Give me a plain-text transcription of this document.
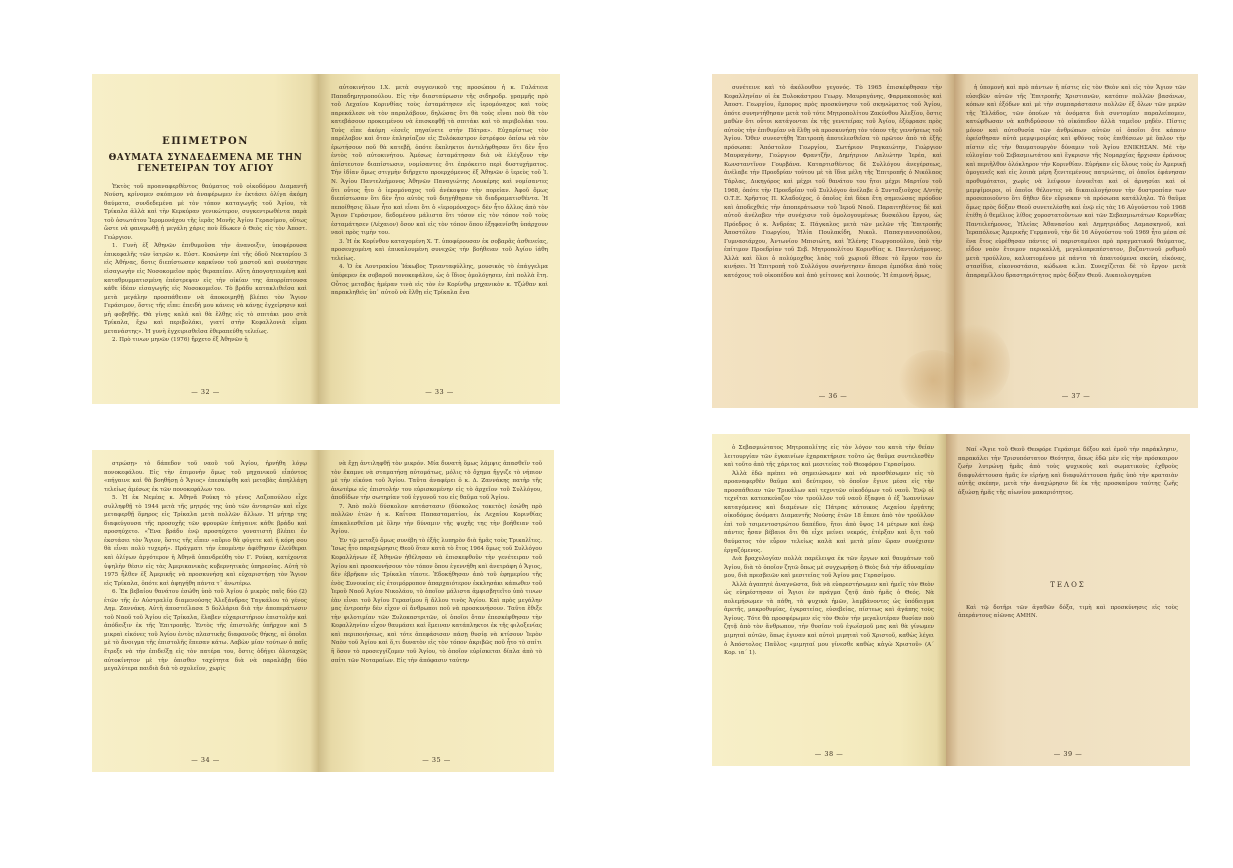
ΕΠΙΜΕΤΡΟΝ
ΘΑΥΜΑΤΑ ΣΥΝΔΕΔΕΜΕΝΑ ΜΕ ΤΗΝ ΓΕΝΕΤΕΙΡΑΝ ΤΟΥ ΑΓΙΟΥ

Ἐκτὸς τοῦ προαναφερθέντος θαύματος τοῦ οἰκοδόμου Διαμαντῆ Νούση, κρίνομεν σκόπιμον νὰ ἀναφέρωμεν ἐν ἐκτάσει ὀλίγα ἀκόμη θαύματα, συνδεδεμένα μὲ τὸν τόπον καταγωγῆς τοῦ Ἁγίου, τὰ Τρίκαλα ἀλλὰ καὶ τὴν Κερκύραν γενικώτερον, συγκεντρωθέντα παρὰ τοῦ ὁσιωτάτου Ἱερομονάχου τῆς ἱερᾶς Μονῆς Ἀγίου Γερασίμου, οὕτως ὥστε νὰ φανερωθῇ ἡ μεγάλη χάρις ποὺ ἔδωκεν ὁ Θεὸς εἰς τὸν Ἀποστ. Γεώργιον.

1. Γυνὴ ἐξ Ἀθηνῶν ἐπιθυμοῦσα τὴν ἀνανοιξιν, ὑποφέρουσα ἐπικεφαλῆς τῶν ἰατρῶν κ. Εὐστ. Κοσώνην ἐπὶ τῆς ὁδοῦ Νεκταρίου 3 εἰς Ἀθήνας, δοτις διεπίστωσεν καρκίνον τοῦ μαστοῦ καὶ συνέστησε εἰσαγωγὴν εἰς Νοσοκομεῖον πρὸς θεραπείαν. Αὕτη ἀπογοητευμένη καὶ καταθρυμματισμένη ἐπέστρεψεν εἰς τὴν οἰκίαν της ἀπορρίπτουσα κάθε ἰδέαν εἰσαγωγῆς εἰς Νοσοκομεῖον. Τὸ βράδυ κατακλιθεῖσα καὶ μετὰ μεγάλην προσπάθειαν νὰ ἀποκοιμηθῇ βλέπει τὸν Ἅγιον Γεράσιμον, ὅστις τῆς εἶπε: ἐπειδὴ μου κάνεις νὰ κάνῃς ἐγχείρησιν καὶ μὴ φοβηθῇς. Θὰ γίνῃς καλά καὶ θὰ ἔλθῃς εἰς τὸ σπιτάκι μου στὰ Τρίκαλα, ἔχω καὶ περιβολάκι, γιατί στὴν Κεφαλλονιὰ εἶμαι μετανάστης». Ἡ γυνὴ ἐγχειρισθεῖσα ἐθεραπεύθη τελείως.

2. Πρὸ τινων μηνῶν (1976) ἤρχετο ἐξ Ἀθηνῶν ἡ

— 32 —

αὐτοκινήτου I.X. μετὰ συγγενικοῦ της προσώπου ἡ κ. Γαλάτεια Παπαδημητροπούλου. Εἰς τὴν διασταύρωσιν τῆς σιδηροδρ. γραμμῆς πρὸ τοῦ Λεχαίου Κορινθίας τοὺς ἐσταμάτησεν εἷς ἱερομόναχος καὶ τοὺς παρεκάλεσε νὰ τὸν παραλάβουν, δηλώσας ὅτι θὰ τοὺς εἶναι ποὺ θὰ τὸν κατεβάσουν προκειμένου νὰ ἐπισκεφθῇ τὰ σπιτάκι καὶ τὸ περιβολάκι του. Τοὺς εἶπε ἀκόμη «ἐσεῖς πηγαίνετε στὴν Πάτρα». Εὐχαρίστως τὸν παρέλαβον καὶ ὅταν ἐπλησίαζον εἰς Ξυλόκαστρον ἐστρέφον ὀπίσω νὰ τὸν ἐρωτήσουν ποῦ θὰ κατεβῇ, ὁπότε ἔκπληκτοι ἀντελήφθησαν ὅτι δὲν ἦτο ἐντὸς τοῦ αὐτοκινήτου. Ἀμέσως ἐσταμάτησαν διὰ νὰ ἐλέγξουν τὴν ἀπίστευτον διαπίστωσιν, νομίσαντες ὅτι ἐπρόκειτο περὶ δυστυχήματος. Τὴν ἰδίαν ὅμως στιγμὴν διῆρχετο προερχόμενος ἐξ Ἀθηνῶν ὁ ἱερεὺς τοῦ Ἱ. Ν. Ἁγίου Παντελεήμονος Ἀθηνῶν Παναγιώτης Λουκέρης καὶ νομίσαντες ὅτι οὗτος ἦτο ὁ ἱερομόναχος τοῦ ἀνέκοψαν τὴν πορείαν. Ἀφοῦ ὅμως διεπίστωσαν ὅτι δὲν ἦτο αὐτὸς τοῦ διηγήθησαν τὰ διαδραματισθέντα. Ἡ πεποίθησις ὅλων ἦτο καὶ εἶναι ὅτι ὁ «ἱερομόναχος» δὲν ἦτο ἄλλος ἀπὸ τὸν Ἅγιον Γεράσιμον, δεδομένου μάλιστα ὅτι τόσον εἰς τὸν τόπον τοῦ τοὺς ἐσταμάτησεν (Λέχαιον) ὅσον καὶ εἰς τὸν τόπον ὅπου ἐξηφανίσθη ὑπάρχουν ναοὶ πρὸς τιμὴν του.

3. Ἡ ἐκ Κορίνθου καταγομένη Χ. Τ. ὑποφέρουσαν ἐκ σοβαρᾶς ἀσθενείας, προσευχομένη καὶ ἐπικαλουμένη συνεχῶς τὴν βοήθειαν τοῦ Ἁγίου ἰάθη τελείως.

4. Ὁ ἐκ Λουτρακίου Ἰάκωβος Τριανταφύλλης, μουσικὸς τὸ ἐπάγγελμα ὑπέφερεν ἐκ σοβαροῦ πονοκεφάλου, ὡς ὁ ἴδιος ὁμολόγησεν, ἐπὶ πολλὰ ἔτη. Οὗτος μεταβὰς ἡμέραν τινὰ εἰς τὸν ἐν Κορίνθῳ μηχανικὸν κ. Τζώθαν καὶ παρακληθεὶς ὑπ᾽ αὐτοῦ νὰ ἔλθῃ εἰς Τρίκαλα ἔνα

— 33 —

συνέτεινε καὶ τὸ ἀκόλουθον γεγονός. Τὸ 1965 ἐπισκέφθησαν τὴν Κεφαλληνίαν οἱ ἐκ Ξυλοκάστρου Γεωργ. Μαυραγάνης, Φαρμακοποιὸς καὶ Ἀποστ. Γεωργίου, ἔμπορος πρὸς προσκύνησιν τοῦ σκηνώματος τοῦ Ἁγίου, ὁπότε συνηντήθησαν μετὰ τοῦ τότε Μητροπολίτου Ζακύνθου Ἀλεξίου, ὅστις μαθὼν ὅτι οὗτοι κατάγονται ἐκ τῆς γενετείρας τοῦ Ἁγίου, ἐξέφρασε πρὸς αὐτοὺς τὴν ἐπιθυμίαν νὰ ἔλθῃ νὰ προσκυνήσῃ τὸν τόπον τῆς γεννήσεως τοῦ Ἁγίου. Ὅθεν συνεστήθη Ἐπιτροπὴ ἀποτελεσθεῖσα τὸ πρῶτον ἀπὸ τὰ ἑξῆς πρόσωπα: Ἀπόστολον Γεωργίου, Σωτήριον Ραγκαιώτην, Γεώργιον Μαυραγάνην, Γεώργιον Φραντζῆν, Δημήτριον Λαλιώτην Ἱερέα, καὶ Κωνσταντῖνον Γουρβάνα. Καταρτισθέντος δὲ Συλλόγου ἀνεγέρσεως, ἀνέλαβε τὴν Προεδρίαν τούτου μὲ τὰ ἴδια μέλη τῆς Ἐπιτροπῆς ὁ Νικόλαος Τάρλας, Δικηγόρος καὶ μέχρι τοῦ θανάτου του ἤτοι μέχρι Μαρτίου τοῦ 1968, ὁπότε τὴν Προεδρίαν τοῦ Συλλόγου ἀνέλαβε ὁ Συνταξιοῦχος Δ/ντὴς Ο.Τ.Ε. Χρῆστος Π. Κλαδούχος, ὁ ὁποῖος ἐπὶ δέκα ἔτη σημειώσας πρόοδον καὶ ἀποδεχθεὶς τὴν ἀποπεράτωσιν τοῦ Ἱεροῦ Ναοῦ. Παραιτηθέντος δὲ καὶ αὐτοῦ ἀνέλαβεν τὴν συνέχισιν τοῦ ὁμολογουμένως δυσκόλου ἔργου, ὡς Πρόεδρος ὁ κ. Ἀνδρέας Σ. Πάγκαλος μετὰ τῶν μελῶν τῆς Ἐπιτροπῆς Ἀποστόλου Γεωργίου, Ἠλία Πουλακίδη, Νικολ. Παπαγιαννοπούλου, Γυμνασιάρχου, Ἀντωνίου Μπισιώτη, καὶ Ἑλένης Γεωργοπούλου, ὑπὸ τὴν ἐπίτιμον Προεδρίαν τοῦ Σεβ. Μητροπολίτου Κορινθίας κ. Παντελεήμονος. Ἀλλὰ καὶ ὅλοι ὁ πολύμοχθος λαὸς τοῦ χωριοῦ ἔθεσε τὸ ἔργον του ἐν κινήσει. Ἡ Ἐπιτροπὴ τοῦ Συλλόγου συνήντησεν ἄπειρα ἐμπόδια ἀπὸ τοὺς κατόχους τοῦ οἰκοπέδου καὶ ἀπὸ γείτονες καὶ λοιπούς. Ἡ ἐπιμονή ὅμως,

— 36 —

ἡ ὑπομονὴ καὶ πρὸ πάντων ἡ πίστις εἰς τὸν Θεὸν καὶ εἰς τὸν Ἅγιον τῶν εὐσεβῶν αὐτῶν τῆς Ἐπιτροπῆς Χριστιανῶν, κατόπιν πολλῶν βασάνων, κόπων καὶ ἐξόδων καὶ μὲ τὴν συμπαράστασιν πολλῶν ἐξ ὅλων τῶν μερῶν τῆς Ἑλλάδος, τῶν ὁποίων τὰ ὀνόματα διὰ συντομίαν παραλείπομεν, κατώρθωσαν νὰ καθιδρύσουν τὸ οἰκόπεδον ἀλλὰ ταμεῖον μηδέν. Πίστις μόνον καὶ αὐτοθυσία τῶν ἀνθρώπων αὐτῶν οἱ ὁποῖοι ὅτε κάποιν ἐφείσθησαν αὐτὰ μεμψιμοιρίας καὶ φθόνος τοὺς ἐπιθέσεων μὲ ὅπλον τὴν πίστιν εἰς τὴν θαυματουργὸν δύναμιν τοῦ Ἁγίου ΕΝΙΚΗΣΑΝ. Μὲ τὴν εὐλογίαν τοῦ Σεβασμιωτάτου καὶ ἔγκρισιν τῆς Νομαρχίας ἤρχισαν ἐράνους καὶ περιῆλθον ὁλόκληρον τὴν Κορινθίαν. Εὐρήκαν εἰς ὅλους τοὺς ἐν Ἀμερικῇ ὁμογενεῖς καὶ εἰς λοιπὰ μέρη ξενιτεμένους πατριώτας, οἱ ὁποῖοι ἐφάνησαν προθυμότατοι, χωρὶς νὰ λείψουν ἐννοεῖται καὶ οἱ ἀρνησίαι καὶ οἱ μεμψίμοιροι, οἱ ὁποῖοι θέλοντες νὰ δικαιολογήσουν τὴν δυστροπίαν των προσεποιοῦντο ὅτι δῆθεν δὲν εὕρισκαν τὰ πρόσωπα κατάλληλα. Τὸ θαῦμα ὅμως πρὸς δόξαν Θεοῦ συνετελέσθη καὶ ἐνῷ εἰς τὰς 16 Αὐγούστου τοῦ 1968 ἐτέθη ὁ θεμέλιος λίθος χοροστατοῦντων καὶ τῶν Σεβασμιωτάτων Κορινθίας Παντελεήμονος, Ἠλείας Ἀθανασίου καὶ Δημητριάδος Δαμασκηνοῦ, καὶ Ἱεραπόλεως Ἀμερικῆς Γερμανοῦ, τὴν δὲ 16 Αὐγούστου τοῦ 1969 ἦτο μέσα σὲ ἕνα ἔτος εὑρέθησαν πάντες οἱ παρισταμένοι πρὸ πραγματικοῦ θαύματος, εἶδον ναὸν ἕτοιμον περικαλλῆ, μεγαλοπρεπέστατον, βυζαντινοῦ ρυθμοῦ μετὰ τρούλλου, καλυπτομένου μὲ πάντα τὰ ἀπαιτούμενα σκεύη, εἰκόνας, στασίδια, εἰκονοστάσια, κώδωνα κ.λπ. Συνεχίζεται δὲ τὸ ἔργον μετὰ ἀπαραμίλλου δραστηριότητος πρὸς δόξαν Θεοῦ. Δικαιολογημένα

— 37 —

στρώσῃ» τὸ δάπεδον τοῦ ναοῦ τοῦ Ἁγίου, ἠρνήθη λόγῳ πονοκεφάλου. Εἰς τὴν ἐπιμονὴν ὅμως τοῦ μηχανικοῦ εἶπόντος «πήγαινε καὶ θὰ βοηθήσῃ ὁ Ἅγιος» ἐπεσκέφθη καὶ μεταβὰς ἀπηλλάγη τελείως ἀμέσως ἐκ τῶν πονοκεφάλων του.

5. Ἡ ἐκ Νεμέας κ. Ἀθηνᾶ Ρούκη τὸ γένος Λαζοπούλου εἶχε συλληφθῇ τὸ 1944 μετὰ τῆς μητρός της ὑπὸ τῶν ἀνταρτῶν καὶ εἶχε μεταφερθῇ ὅμηρος εἰς Τρίκαλα μετὰ πολλῶν ἄλλων. Ἡ μήτηρ της διαφεύγουσα τῆς προσοχῆς τῶν φρουρῶν ἐπήγαινε κάθε βράδυ καὶ προσηύχετο. «Ἕνα βράδυ ἐνῷ προσηύχετο γονατιστὴ βλέπει ἐν ἐκστάσει τὸν Ἅγιον, ὅστις τῆς εἶπεν «αὔριο θὰ φύγετε καὶ ἡ κόρη σου θὰ εἶναι πολὺ τυχερή». Πράγματι τὴν ἑπομένην ἀφέθησαν ἐλεύθεραι καὶ ὀλίγων ἀργότερον ἡ Ἀθηνᾶ ὑπανδρεύθη τὸν Γ. Ρούκη, κατέχοντα ὑψηλὴν θέσιν εἰς τὰς Ἀμερικανικὰς κυβερνητικὰς ὑπηρεσίας. Αὐτὴ τὸ 1975 ἦλθεν ἐξ Ἀμερικῆς νὰ προσκυνήσῃ καὶ εὐχαριστήσῃ τὸν Ἅγιον εἰς Τρίκαλα, ὁπότε καὶ ἀφηγήθη πάντα τ᾽ ἀνωτέρω.

6. Ἐκ βεβαίου θανάτου ἐσώθη ὑπὸ τοῦ Ἁγίου ὁ μικρὸς παῖς δύο (2) ἐτῶν τῆς ἐν Αὐστραλίᾳ διαμενούσης Ἀλεξάνδρας Ταγκάλου τὸ γένος Δημ. Ζαννάκη. Αὐτὴ ἀποστείλασα 5 δολλάρια διὰ τὴν ἀποπεράτωσιν τοῦ Ναοῦ τοῦ Ἁγίου εἰς Τρίκαλα, ἔλαβεν εὐχαριστήριον ἐπιστολὴν καὶ ἀπόδειξιν ἐκ τῆς Ἐπιτροπῆς. Ἐντὸς τῆς ἐπιστολῆς ὑπῆρχον καὶ 5 μικραὶ εἰκόνες τοῦ Ἁγίου ἐντὸς πλαστικῆς διαφανοῦς θήκης, αἱ ὁποῖαι μὲ τὸ ἄνοιγμα τῆς ἐπιστολῆς ἔπεσαν κάτω. Λαβὼν μίαν τούτων ὁ παῖς ἔτρεξε νὰ τὴν ἐπιδείξῃ εἰς τὸν πατέρα του, ὅστις ὁδήγει ὀλοταχῶς αὐτοκίνητον μὲ τὴν ὁπισθεν ταχύτητα διὰ νὰ παραλάβῃ δύο μεγαλύτερα παιδιὰ διὰ τὸ σχολεῖον, χωρὶς

— 34 —

νὰ ἔχῃ ἀντιληφθῇ τὸν μικρόν. Μία δυνατὴ ὅμως λάμψις ἀπασθεῖν τοῦ τὸν ἔκαμνε νὰ σταματήσῃ αὐτομάτως, μόλις τὸ ὄχημα ἤγγιζε τὸ νήπιον μὲ τὴν εἰκόνα τοῦ Ἁγίου. Ταῦτα ἀναφέρει ὁ κ. Δ. Ζαννάκης πατὴρ τῆς ἀνωτέρω εἰς ἐπιστολήν του εὑρισκομένην εἰς τὸ ἀρχεῖον τοῦ Συλλόγου, ἀποδίδων τὴν σωτηρίαν τοῦ ἐγγονοῦ του εἰς θαῦμα τοῦ Ἁγίου.

7. Ἀπὸ πολὺ δύσκολον κατάστασιν (δύσκολος τοκετὸς) ἐσώθη πρὸ πολλῶν ἐτῶν ἡ κ. Καΐτσα Παπασταματίου, ἐκ Λεχαίου Κορινθίας ἐπικαλεσθεῖσα μὲ ὅλην τὴν δύναμιν τῆς ψυχῆς της τὴν βοήθειαν τοῦ Ἁγίου.

Ἐν τῷ μεταξὺ ὅμως συνέβη τὸ ἑξῆς λυπηρὸν διὰ ἡμᾶς τοὺς Τρικαλῖτες. Ἴσως ἦτο παραχώρησις Θεοῦ ὅταν κατὰ τὸ ἔτος 1964 ὅμως τοῦ Συλλόγου Κεφαλλήνων ἐξ Ἀθηνῶν ἠθέλησαν νὰ ἐπισκεφθοῦν τὴν γενέτειραν τοῦ Ἁγίου καὶ προσκυνήσουν τὸν τόπον ὅπου ἐγεννήθη καὶ ἀνετράφη ὁ Ἅγιος, δὲν ἐβρῆκαν εἰς Τρίκαλα τίποτε. Ἐδοκήθησαν ἀπὸ τοῦ ἐφημερίου τῆς ἑνὸς Συνοικίας εἰς ἑτοιμόρροπον ἀπαρχαιότερον ἐκκλησάκι κάπωθεν τοῦ Ἱεροῦ Ναοῦ Ἁγίου Νικολάου, τὸ ὁποῖον μάλιστα ἀμφισβητεῖτο ὑπὸ τινων ἐὰν εἶναι τοῦ Ἁγίου Γερασίμου ἢ ἄλλου τινὸς Ἁγίου. Καὶ πρὸς μεγάλην μας ἐντροπὴν δὲν εἶχον οἱ ἄνθρωποι ποῦ νὰ προσκυνήσουν. Ταῦτα ἔθιξε τὴν φιλοτιμίαν τῶν Ξυλοκαστριτῶν, οἱ ὁποῖοι ὅταν ἐπεσκέφθησαν τὴν Κεφαλληνίαν εἶχον θαυμάσει καὶ ἔμειναν κατάπληκτοι ἐκ τῆς φιλοξενίας καὶ περιποιήσεως, καὶ τότε ἀπεφάσισαν πάσῃ θυσίᾳ νὰ κτίσουν Ἱερὸν Ναὸν τοῦ Ἁγίου καὶ ὅ,τι δυνατὸν εἰς τὸν τόπον ἀκριβῶς ποῦ ἦτο τὸ σπίτι ἢ ὅσον τὸ προσεγγίζομεν τοῦ Ἁγίου, τὸ ὁποῖον εὑρίσκεται δίπλα ἀπὸ τὸ σπίτι τῶν Νοταραίων. Εἰς τὴν ἀπόφασιν ταύτην

— 35 —

ὁ Σεβασμιώτατος Μητροπολίτης εἰς τὸν λόγον του κατὰ τὴν θείαν λειτουργίαν τῶν ἐγκαινίων ἐχαρακτήρισε τοῦτο ὡς θαῦμα συντελεσθὲν καὶ τοῦτο ἀπὸ τῆς χάριτος καὶ μεσιτείας τοῦ Θεοφόρου Γερασίμου.

Ἀλλὰ ἐδῶ πρέπει νὰ σημειώσωμεν καὶ νὰ προσθέσωμεν εἰς τὸ προαναφερθὲν θαῦμα καὶ δεύτερον, τὸ ὁποῖον ἔγινε μέσα εἰς τὴν προσπάθειαν τῶν Τρικάλων καὶ τεχνιτῶν οἰκοδόμων τοῦ ναοῦ. Ἐνῷ οἱ τεχνῖται κατεσκεύαζον τὸν τρούλλον τοῦ ναοῦ ἔξαφνα ὁ ἐξ Ἰωαννίνων καταγόμενος καὶ διαμένων εἰς Πάτρας κάτοικος Λεχαίου ἐργάτης οἰκοδόμος ὀνόματι Διαμαντῆς Νούσης ἐτῶν 18 ἔπεσε ἀπὸ τὸν τρούλλον ἐπὶ τοῦ τσιμεντοστρώτου δαπέδου, ἤτοι ἀπὸ ὕψος 14 μέτρων καὶ ἐνῷ πάντες ἦσαν βέβαιοι ὅτι θὰ εἶχε μείνει νεκρός, ἐτέρξαν καὶ ὅ,τι τοῦ θαύματος τὸν εὗρον τελείως καλὰ καὶ μετὰ μίαν ὥραν συνέχισεν ἐργαζόμενος.

Διὰ βραχυλογίαν πολλὰ παρέλειψα ἐκ τῶν ἔργων καὶ θαυμάτων τοῦ Ἁγίου, διὰ τὸ ὁποῖον ζητῶ ὅπως μὲ συγχωρήσῃ ὁ Θεὸς διὰ τὴν ἀδυναμίαν μου, διὰ πρεσβειῶν καὶ μεσιτείας τοῦ Ἁγίου μας Γερασίμου.

Ἀλλὰ ἀγαπητὲ ἀναγνῶστα, διὰ νὰ εὐαρεστήσωμεν καὶ ἡμεῖς τὸν Θεὸν ὡς εὐηρέστησαν οἱ Ἅγιοι ἐν πράγμα ζητᾷ ἀπὸ ἡμᾶς ὁ Θεός. Νὰ πολεμήσωμεν τὰ πάθη, τὰ ψυχικὰ ἡμῶν, λαμβάνοντες ὡς ὑπόδειγμα ἀρετῆς, μακροθυμίας, ἐγκρατείας, εὐσεβείας, πίστεως καὶ ἀγάπης τοὺς Ἁγίους. Τότε θὰ προσφέρωμεν εἰς τὸν Θεὸν τὴν μεγαλυτέραν θυσίαν ποὺ ζητᾷ ἀπὸ τὸν ἄνθρωπον, τὴν θυσίαν τοῦ ἐγωϊσμοῦ μας καὶ θὰ γίνωμεν μιμηταὶ αὐτῶν, ὅπως ἐγιναν καὶ αὐτοὶ μιμηταὶ τοῦ Χριστοῦ, καθὼς λέγει ὁ Ἀπόστολος Παῦλος «μιμηταί μου γίνεσθε καθὼς κἀγὼ Χριστοῦ» (Α΄ Κορ. ια΄ 1).

— 38 —

Ναί «Ἅγιε τοῦ Θεοῦ Θεοφόρε Γεράσιμε δέξου καὶ ἐμοῦ τὴν παράκλησιν, παρακάλει τὴν Τρισυπόστατον Θεότητα, ὅπως ἐδῶ μὲν εἰς τὴν πρόσκαιρον ζωὴν λυτρώνῃ ἡμᾶς ἀπὸ τοὺς ψυχικοὺς καὶ σωματικοὺς ἐχθροὺς διαφυλάττουσα ἡμᾶς ἐν εἰρήνῃ καὶ διαφυλάττουσα ἡμᾶς ὑπὸ τὴν κραταιὰν αὐτῆς σκέπην, μετὰ τὴν ἀναχώρησιν δὲ ἐκ τῆς προσκαίρου ταύτης ζωῆς ἀξιώσῃ ἡμᾶς τῆς αἰωνίου μακαριότητος.

ΤΕΛΟΣ

Καὶ τῷ δοτῆρι τῶν ἀγαθῶν δόξα, τιμὴ καὶ προσκύνησις εἰς τοὺς ἀπεράντους αἰῶνας ΑΜΗΝ.

— 39 —
